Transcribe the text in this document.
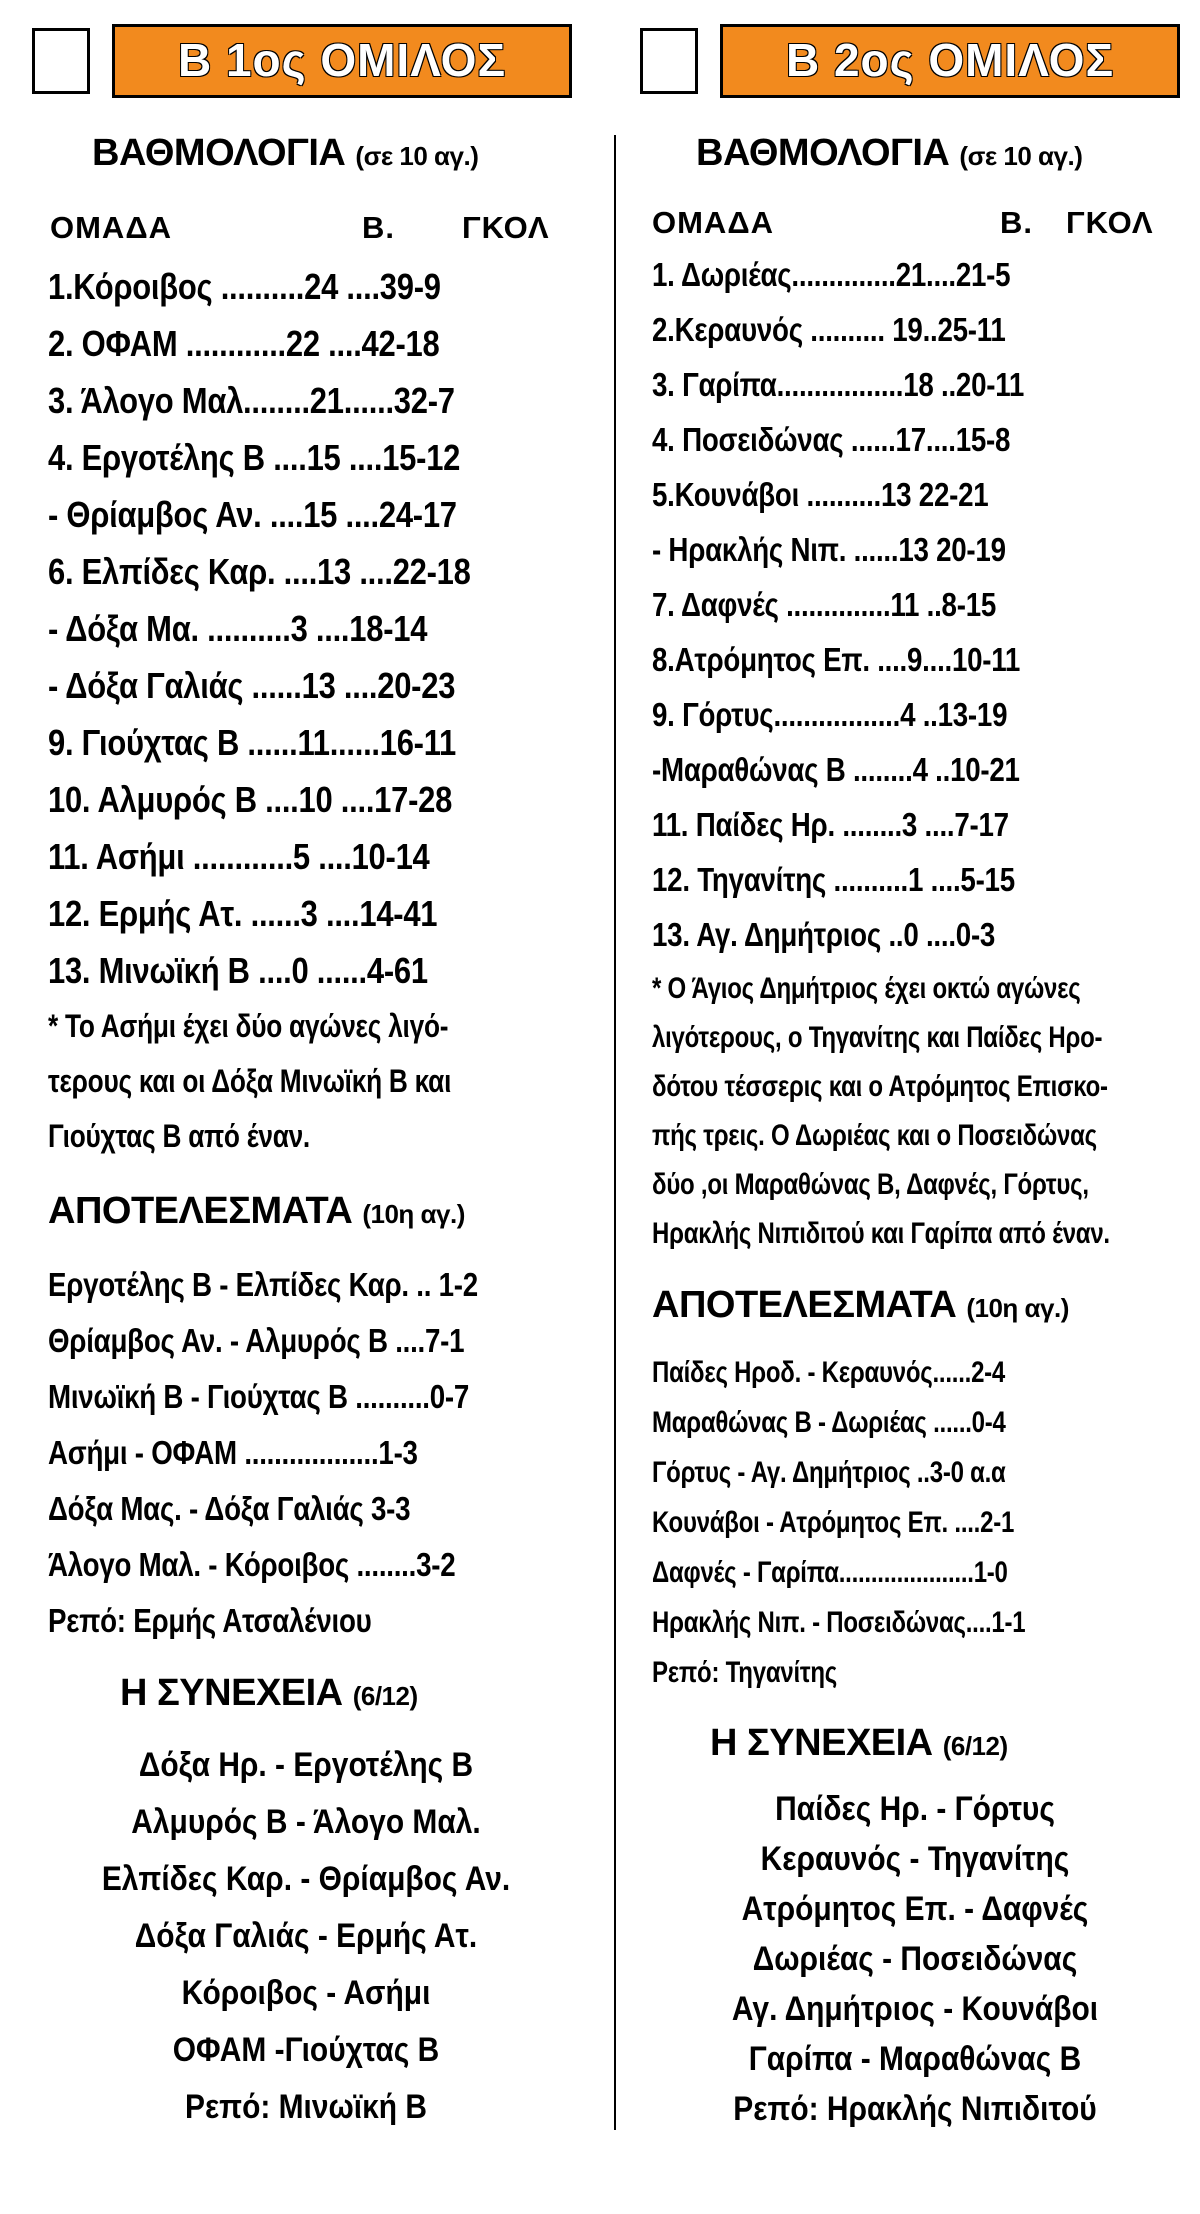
B 1ος ΟΜΙΛΟΣ
ΒΑΘΜΟΛΟΓΙΑ (σε 10 αγ.)
ΟΜΑΔΑ	Β. ΓΚΟΛ
1.Κόροιβος ..........24 ....39-9
2. ΟΦΑΜ ............22 ....42-18
3. Άλογο Μαλ........21......32-7
4. Εργοτέλης Β ....15 ....15-12
- Θρίαμβος Αν. ....15 ....24-17
6. Ελπίδες Καρ. ....13 ....22-18
- Δόξα Μα. ..........3 ....18-14
- Δόξα Γαλιάς ......13 ....20-23
9. Γιούχτας Β ......11......16-11
10. Αλμυρός Β ....10 ....17-28
11. Ασήμι ............5 ....10-14
12. Ερμής Ατ. ......3 ....14-41
13. Μινωϊκή Β ....0 ......4-61
* Το Ασήμι έχει δύο αγώνες λιγό-
τερους και οι Δόξα Μινωϊκή Β και
Γιούχτας Β από έναν.
ΑΠΟΤΕΛΕΣΜΑΤΑ (10η αγ.)
Εργοτέλης Β - Ελπίδες Καρ. .. 1-2
Θρίαμβος Αν. - Αλμυρός Β ....7-1
Μινωϊκή Β - Γιούχτας Β ..........0-7
Ασήμι - ΟΦΑΜ ..................1-3
Δόξα Μας. - Δόξα Γαλιάς 3-3
Άλογο Μαλ. - Κόροιβος ........3-2
Ρεπό: Ερμής Ατσαλένιου
Η ΣΥΝΕΧΕΙΑ (6/12)
Δόξα Ηρ. - Εργοτέλης Β
Αλμυρός Β - Άλογο Μαλ.
Ελπίδες Καρ. - Θρίαμβος Αν.
Δόξα Γαλιάς - Ερμής Ατ.
Κόροιβος - Ασήμι
ΟΦΑΜ -Γιούχτας Β
Ρεπό: Μινωϊκή Β
B 2ος ΟΜΙΛΟΣ
ΒΑΘΜΟΛΟΓΙΑ (σε 10 αγ.)
ΟΜΑΔΑ	Β. ΓΚΟΛ
1. Δωριέας..............21....21-5
2.Κεραυνός .......... 19..25-11
3. Γαρίπα.................18 ..20-11
4. Ποσειδώνας ......17....15-8
5.Κουνάβοι ..........13 22-21
- Ηρακλής Νιπ. ......13 20-19
7. Δαφνές ..............11 ..8-15
8.Ατρόμητος Επ. ....9....10-11
9. Γόρτυς.................4 ..13-19
-Μαραθώνας Β ........4 ..10-21
11. Παίδες Ηρ. ........3 ....7-17
12. Τηγανίτης ..........1 ....5-15
13. Αγ. Δημήτριος ..0 ....0-3
* Ο Άγιος Δημήτριος έχει οκτώ αγώνες
λιγότερους, ο Τηγανίτης και Παίδες Ηρο-
δότου τέσσερις και ο Ατρόμητος Επισκο-
πής τρεις. Ο Δωριέας και ο Ποσειδώνας
δύο ,οι Μαραθώνας Β, Δαφνές, Γόρτυς,
Ηρακλής Νιπιδιτού και Γαρίπα από έναν.
ΑΠΟΤΕΛΕΣΜΑΤΑ (10η αγ.)
Παίδες Ηροδ. - Κεραυνός......2-4
Μαραθώνας Β - Δωριέας ......0-4
Γόρτυς - Αγ. Δημήτριος ..3-0 α.α
Κουνάβοι - Ατρόμητος Επ. ....2-1
Δαφνές - Γαρίπα.....................1-0
Ηρακλής Νιπ. - Ποσειδώνας....1-1
Ρεπό: Τηγανίτης
Η ΣΥΝΕΧΕΙΑ (6/12)
Παίδες Ηρ. - Γόρτυς
Κεραυνός - Τηγανίτης
Ατρόμητος Επ. - Δαφνές
Δωριέας - Ποσειδώνας
Αγ. Δημήτριος - Κουνάβοι
Γαρίπα - Μαραθώνας Β
Ρεπό: Ηρακλής Νιπιδιτού
